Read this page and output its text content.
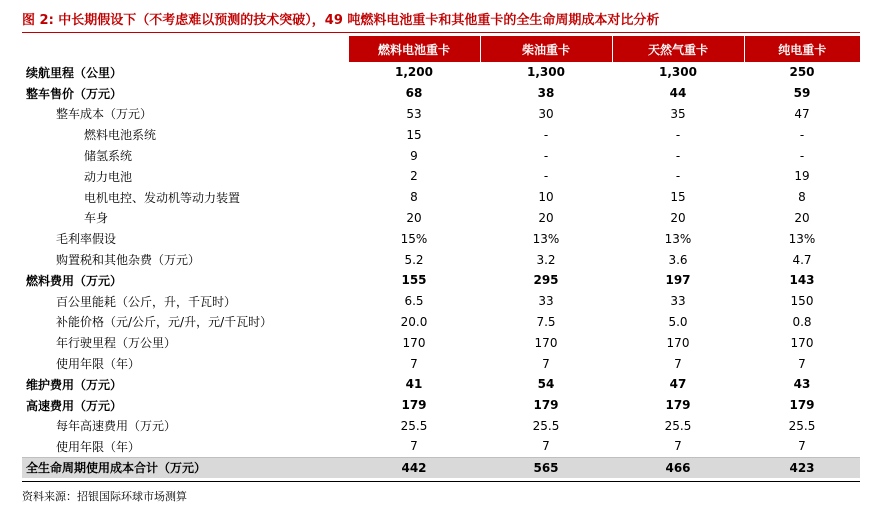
图 2: 中长期假设下（不考虑难以预测的技术突破），49 吨燃料电池重卡和其他重卡的全生命周期成本对比分析
	燃料电池重卡	柴油重卡	天然气重卡	纯电重卡
续航里程（公里）	1,200	1,300	1,300	250
整车售价（万元）	68	38	44	59
整车成本（万元）	53	30	35	47
燃料电池系统	15	-	-	-
储氢系统	9	-	-	-
动力电池	2	-	-	19
电机电控、发动机等动力装置	8	10	15	8
车身	20	20	20	20
毛利率假设	15%	13%	13%	13%
购置税和其他杂费（万元）	5.2	3.2	3.6	4.7
燃料费用（万元）	155	295	197	143
百公里能耗（公斤，升，千瓦时）	6.5	33	33	150
补能价格（元/公斤，元/升，元/千瓦时）	20.0	7.5	5.0	0.8
年行驶里程（万公里）	170	170	170	170
使用年限（年）	7	7	7	7
维护费用（万元）	41	54	47	43
高速费用（万元）	179	179	179	179
每年高速费用（万元）	25.5	25.5	25.5	25.5
使用年限（年）	7	7	7	7
全生命周期使用成本合计（万元）	442	565	466	423
资料来源：招银国际环球市场测算
